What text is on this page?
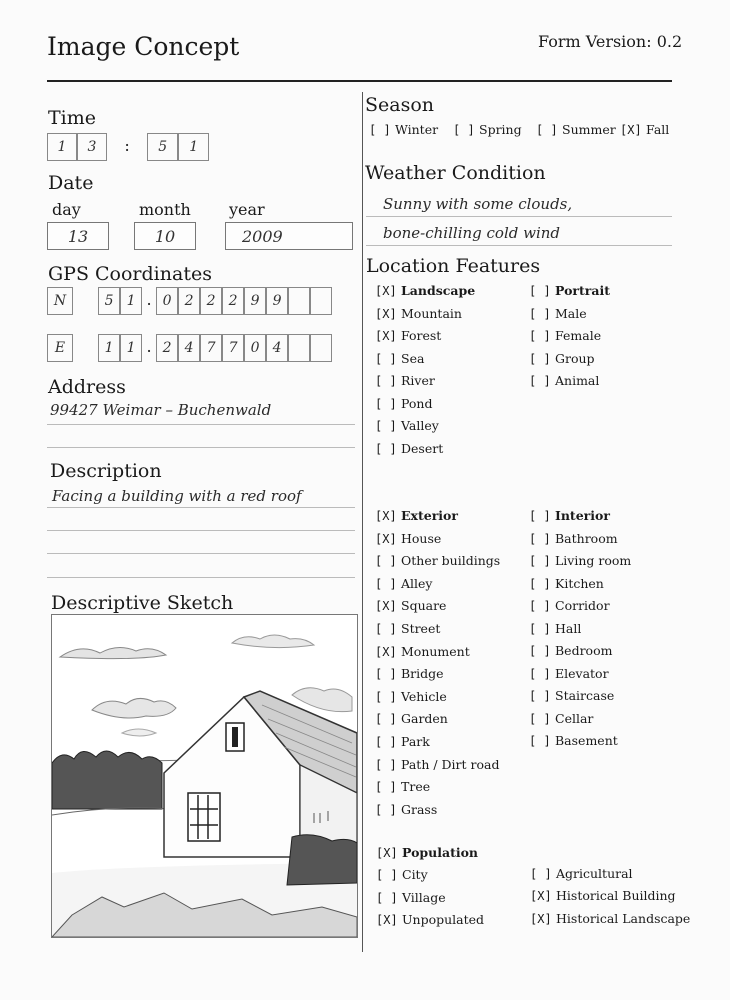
Image Concept	Form Version: 0.2
Time
1 3 : 5 1
Date
day	month year
13	10	2009
GPS Coordinates
N	5 1 . 0 2 2 2 9 9
E	1 1 . 2 4 7 7 0 4
Address
99427 Weimar – Buchenwald
Description
Facing a building with a red roof
Descriptive Sketch
Season
[ ] Winter [ ] Spring [ ] Summer [X] Fall
Weather Condition
Sunny with some clouds,
bone-chilling cold wind
Location Features
[X] Landscape
[X] Mountain
[X] Forest
[ ] Sea
[ ] River
[ ] Pond
[ ] Valley
[ ] Desert
[ ] Portrait
[ ] Male
[ ] Female
[ ] Group
[ ] Animal
[X] Exterior
[X] House
[ ] Other buildings
[ ] Alley
[X] Square
[ ] Street
[X] Monument
[ ] Bridge
[ ] Vehicle
[ ] Garden
[ ] Park
[ ] Path / Dirt road
[ ] Tree
[ ] Grass
[ ] Interior
[ ] Bathroom
[ ] Living room
[ ] Kitchen
[ ] Corridor
[ ] Hall
[ ] Bedroom
[ ] Elevator
[ ] Staircase
[ ] Cellar
[ ] Basement
[X] Population
[ ] City
[ ] Village
[X] Unpopulated
[ ] Agricultural
[X] Historical Building
[X] Historical Landscape
